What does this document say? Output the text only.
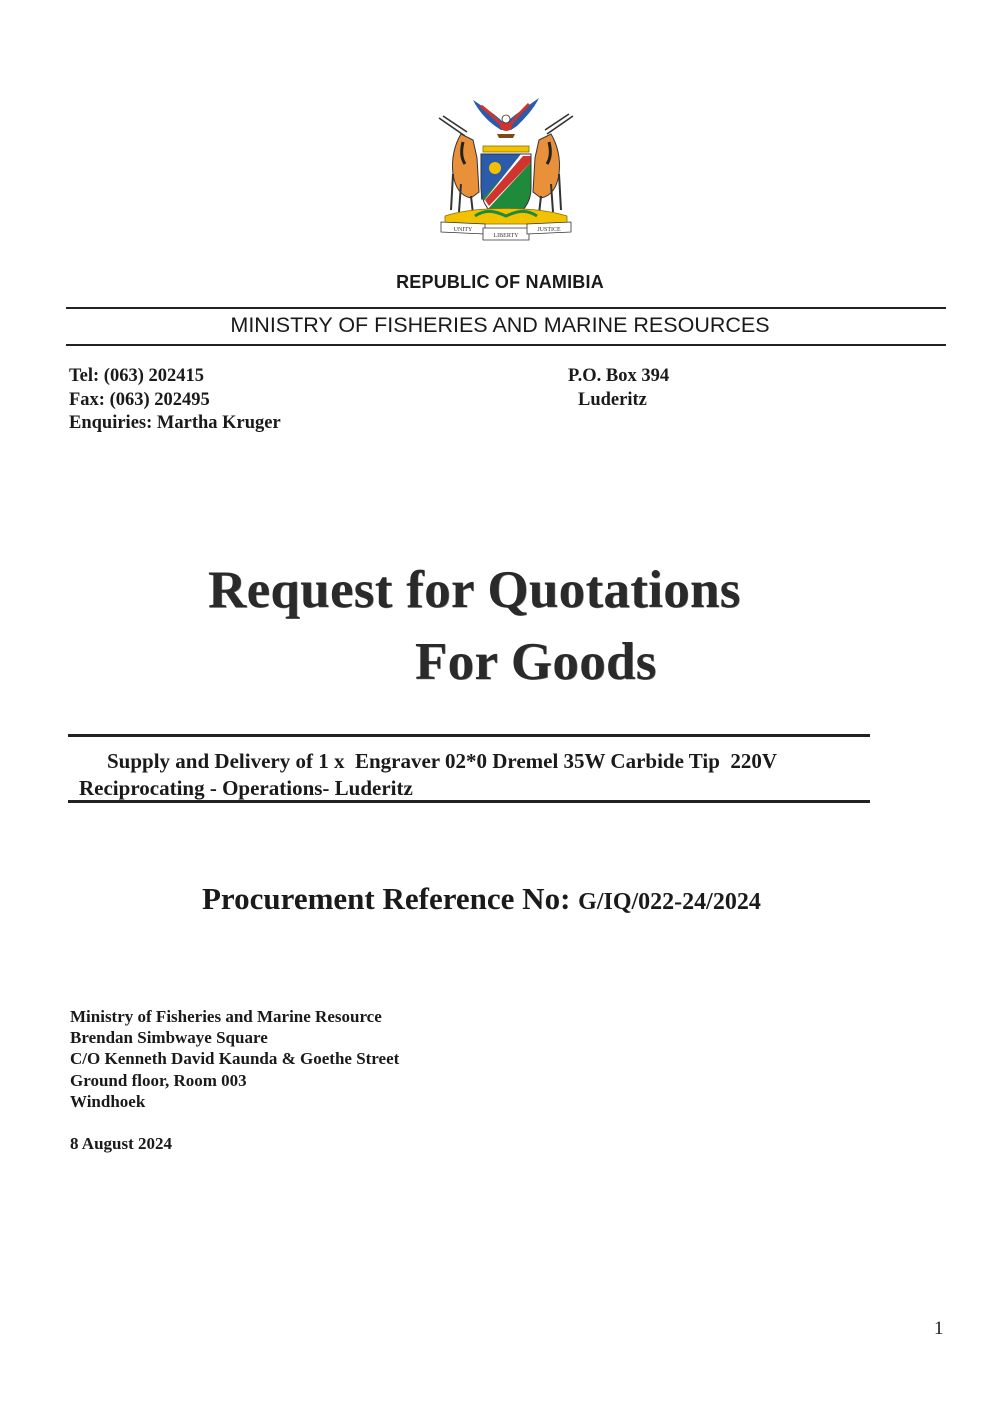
UNITY
LIBERTY
JUSTICE
REPUBLIC OF NAMIBIA
MINISTRY OF FISHERIES AND MARINE RESOURCES
Tel: (063) 202415
Fax: (063) 202495
Enquiries: Martha Kruger
P.O. Box 394
Luderitz
Request for Quotations
For Goods
Supply and Delivery of 1 x  Engraver 02*0 Dremel 35W Carbide Tip  220V
Reciprocating - Operations- Luderitz
Procurement Reference No: G/IQ/022-24/2024
Ministry of Fisheries and Marine Resource
Brendan Simbwaye Square
C/O Kenneth David Kaunda & Goethe Street
Ground floor, Room 003
Windhoek
8 August 2024
1
